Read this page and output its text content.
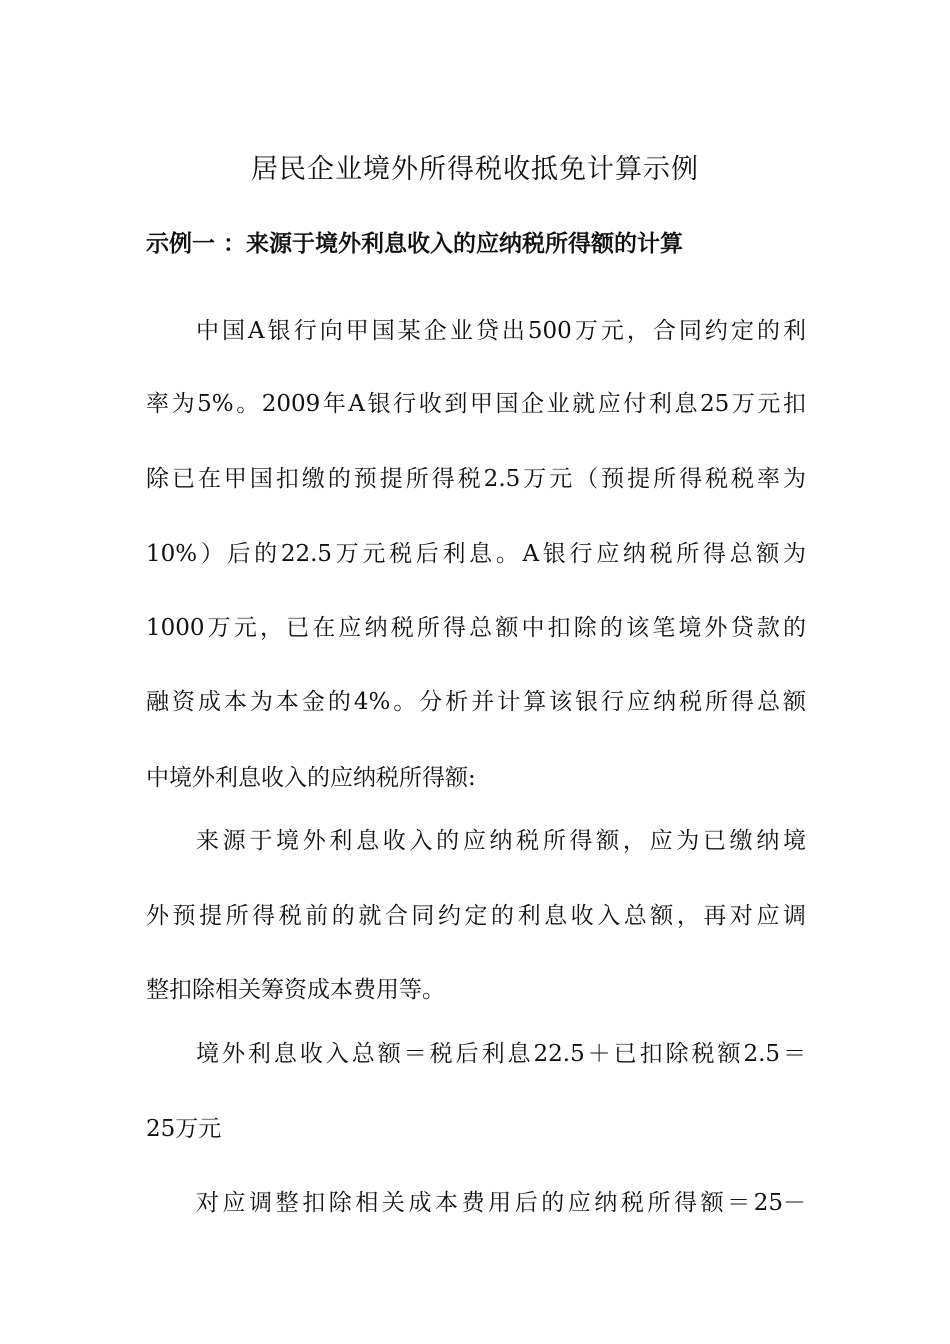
居民企业境外所得税收抵免计算示例
示例一 ：来源于境外利息收入的应纳税所得额的计算
中国A银行向甲国某企业贷出500万元，合同约定的利
率为5%。2009年A银行收到甲国企业就应付利息25万元扣
除已在甲国扣缴的预提所得税2.5万元（预提所得税税率为
10%）后的22.5万元税后利息。A银行应纳税所得总额为
1000万元，已在应纳税所得总额中扣除的该笔境外贷款的
融资成本为本金的4%。分析并计算该银行应纳税所得总额
中境外利息收入的应纳税所得额:
来源于境外利息收入的应纳税所得额，应为已缴纳境
外预提所得税前的就合同约定的利息收入总额，再对应调
整扣除相关筹资成本费用等。
境外利息收入总额＝税后利息22.5＋已扣除税额2.5＝
25万元
对应调整扣除相关成本费用后的应纳税所得额＝25－
